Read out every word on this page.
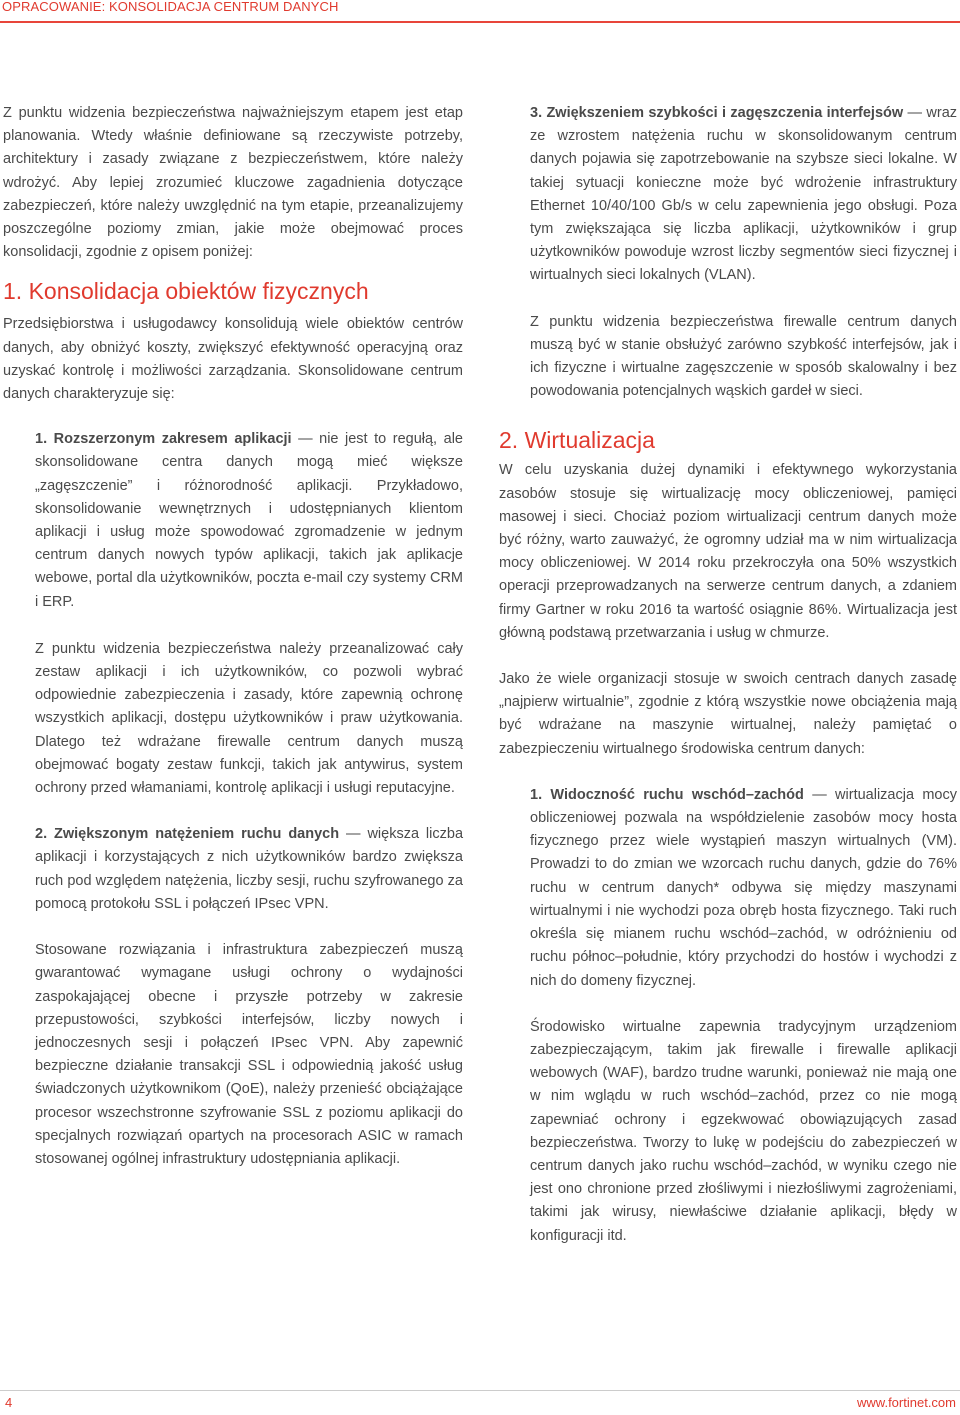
OPRACOWANIE: KONSOLIDACJA CENTRUM DANYCH

Z punktu widzenia bezpieczeństwa najważniejszym etapem jest etap planowania. Wtedy właśnie definiowane są rzeczywiste potrzeby, architektury i zasady związane z bezpieczeństwem, które należy wdrożyć. Aby lepiej zrozumieć kluczowe zagadnienia dotyczące zabezpieczeń, które należy uwzględnić na tym etapie, przeanalizujemy poszczególne poziomy zmian, jakie może obejmować proces konsolidacji, zgodnie z opisem poniżej:

1. Konsolidacja obiektów fizycznych

Przedsiębiorstwa i usługodawcy konsolidują wiele obiektów centrów danych, aby obniżyć koszty, zwiększyć efektywność operacyjną oraz uzyskać kontrolę i możliwości zarządzania. Skonsolidowane centrum danych charakteryzuje się:

1. Rozszerzonym zakresem aplikacji — nie jest to regułą, ale skonsolidowane centra danych mogą mieć większe „zagęszczenie” i różnorodność aplikacji. Przykładowo, skonsolidowanie wewnętrznych i udostępnianych klientom aplikacji i usług może spowodować zgromadzenie w jednym centrum danych nowych typów aplikacji, takich jak aplikacje webowe, portal dla użytkowników, poczta e-mail czy systemy CRM i ERP.

Z punktu widzenia bezpieczeństwa należy przeanalizować cały zestaw aplikacji i ich użytkowników, co pozwoli wybrać odpowiednie zabezpieczenia i zasady, które zapewnią ochronę wszystkich aplikacji, dostępu użytkowników i praw użytkowania. Dlatego też wdrażane firewalle centrum danych muszą obejmować bogaty zestaw funkcji, takich jak antywirus, system ochrony przed włamaniami, kontrolę aplikacji i usługi reputacyjne.

2. Zwiększonym natężeniem ruchu danych — większa liczba aplikacji i korzystających z nich użytkowników bardzo zwiększa ruch pod względem natężenia, liczby sesji, ruchu szyfrowanego za pomocą protokołu SSL i połączeń IPsec VPN.

Stosowane rozwiązania i infrastruktura zabezpieczeń muszą gwarantować wymagane usługi ochrony o wydajności zaspokajającej obecne i przyszłe potrzeby w zakresie przepustowości, szybkości interfejsów, liczby nowych i jednoczesnych sesji i połączeń IPsec VPN. Aby zapewnić bezpieczne działanie transakcji SSL i odpowiednią jakość usług świadczonych użytkownikom (QoE), należy przenieść obciążające procesor wszechstronne szyfrowanie SSL z poziomu aplikacji do specjalnych rozwiązań opartych na procesorach ASIC w ramach stosowanej ogólnej infrastruktury udostępniania aplikacji.

3. Zwiększeniem szybkości i zagęszczenia interfejsów — wraz ze wzrostem natężenia ruchu w skonsolidowanym centrum danych pojawia się zapotrzebowanie na szybsze sieci lokalne. W takiej sytuacji konieczne może być wdrożenie infrastruktury Ethernet 10/40/100 Gb/s w celu zapewnienia jego obsługi. Poza tym zwiększająca się liczba aplikacji, użytkowników i grup użytkowników powoduje wzrost liczby segmentów sieci fizycznej i wirtualnych sieci lokalnych (VLAN).

Z punktu widzenia bezpieczeństwa firewalle centrum danych muszą być w stanie obsłużyć zarówno szybkość interfejsów, jak i ich fizyczne i wirtualne zagęszczenie w sposób skalowalny i bez powodowania potencjalnych wąskich gardeł w sieci.

2. Wirtualizacja

W celu uzyskania dużej dynamiki i efektywnego wykorzystania zasobów stosuje się wirtualizację mocy obliczeniowej, pamięci masowej i sieci. Chociaż poziom wirtualizacji centrum danych może być różny, warto zauważyć, że ogromny udział ma w nim wirtualizacja mocy obliczeniowej. W 2014 roku przekroczyła ona 50% wszystkich operacji przeprowadzanych na serwerze centrum danych, a zdaniem firmy Gartner w roku 2016 ta wartość osiągnie 86%. Wirtualizacja jest główną podstawą przetwarzania i usług w chmurze.

Jako że wiele organizacji stosuje w swoich centrach danych zasadę „najpierw wirtualnie”, zgodnie z którą wszystkie nowe obciążenia mają być wdrażane na maszynie wirtualnej, należy pamiętać o zabezpieczeniu wirtualnego środowiska centrum danych:

1. Widoczność ruchu wschód–zachód — wirtualizacja mocy obliczeniowej pozwala na współdzielenie zasobów mocy hosta fizycznego przez wiele wystąpień maszyn wirtualnych (VM). Prowadzi to do zmian we wzorcach ruchu danych, gdzie do 76% ruchu w centrum danych* odbywa się między maszynami wirtualnymi i nie wychodzi poza obręb hosta fizycznego. Taki ruch określa się mianem ruchu wschód–zachód, w odróżnieniu od ruchu północ–południe, który przychodzi do hostów i wychodzi z nich do domeny fizycznej.

Środowisko wirtualne zapewnia tradycyjnym urządzeniom zabezpieczającym, takim jak firewalle i firewalle aplikacji webowych (WAF), bardzo trudne warunki, ponieważ nie mają one w nim wglądu w ruch wschód–zachód, przez co nie mogą zapewniać ochrony i egzekwować obowiązujących zasad bezpieczeństwa. Tworzy to lukę w podejściu do zabezpieczeń w centrum danych jako ruchu wschód–zachód, w wyniku czego nie jest ono chronione przed złośliwymi i niezłośliwymi zagrożeniami, takimi jak wirusy, niewłaściwe działanie aplikacji, błędy w konfiguracji itd.

4	www.fortinet.com
